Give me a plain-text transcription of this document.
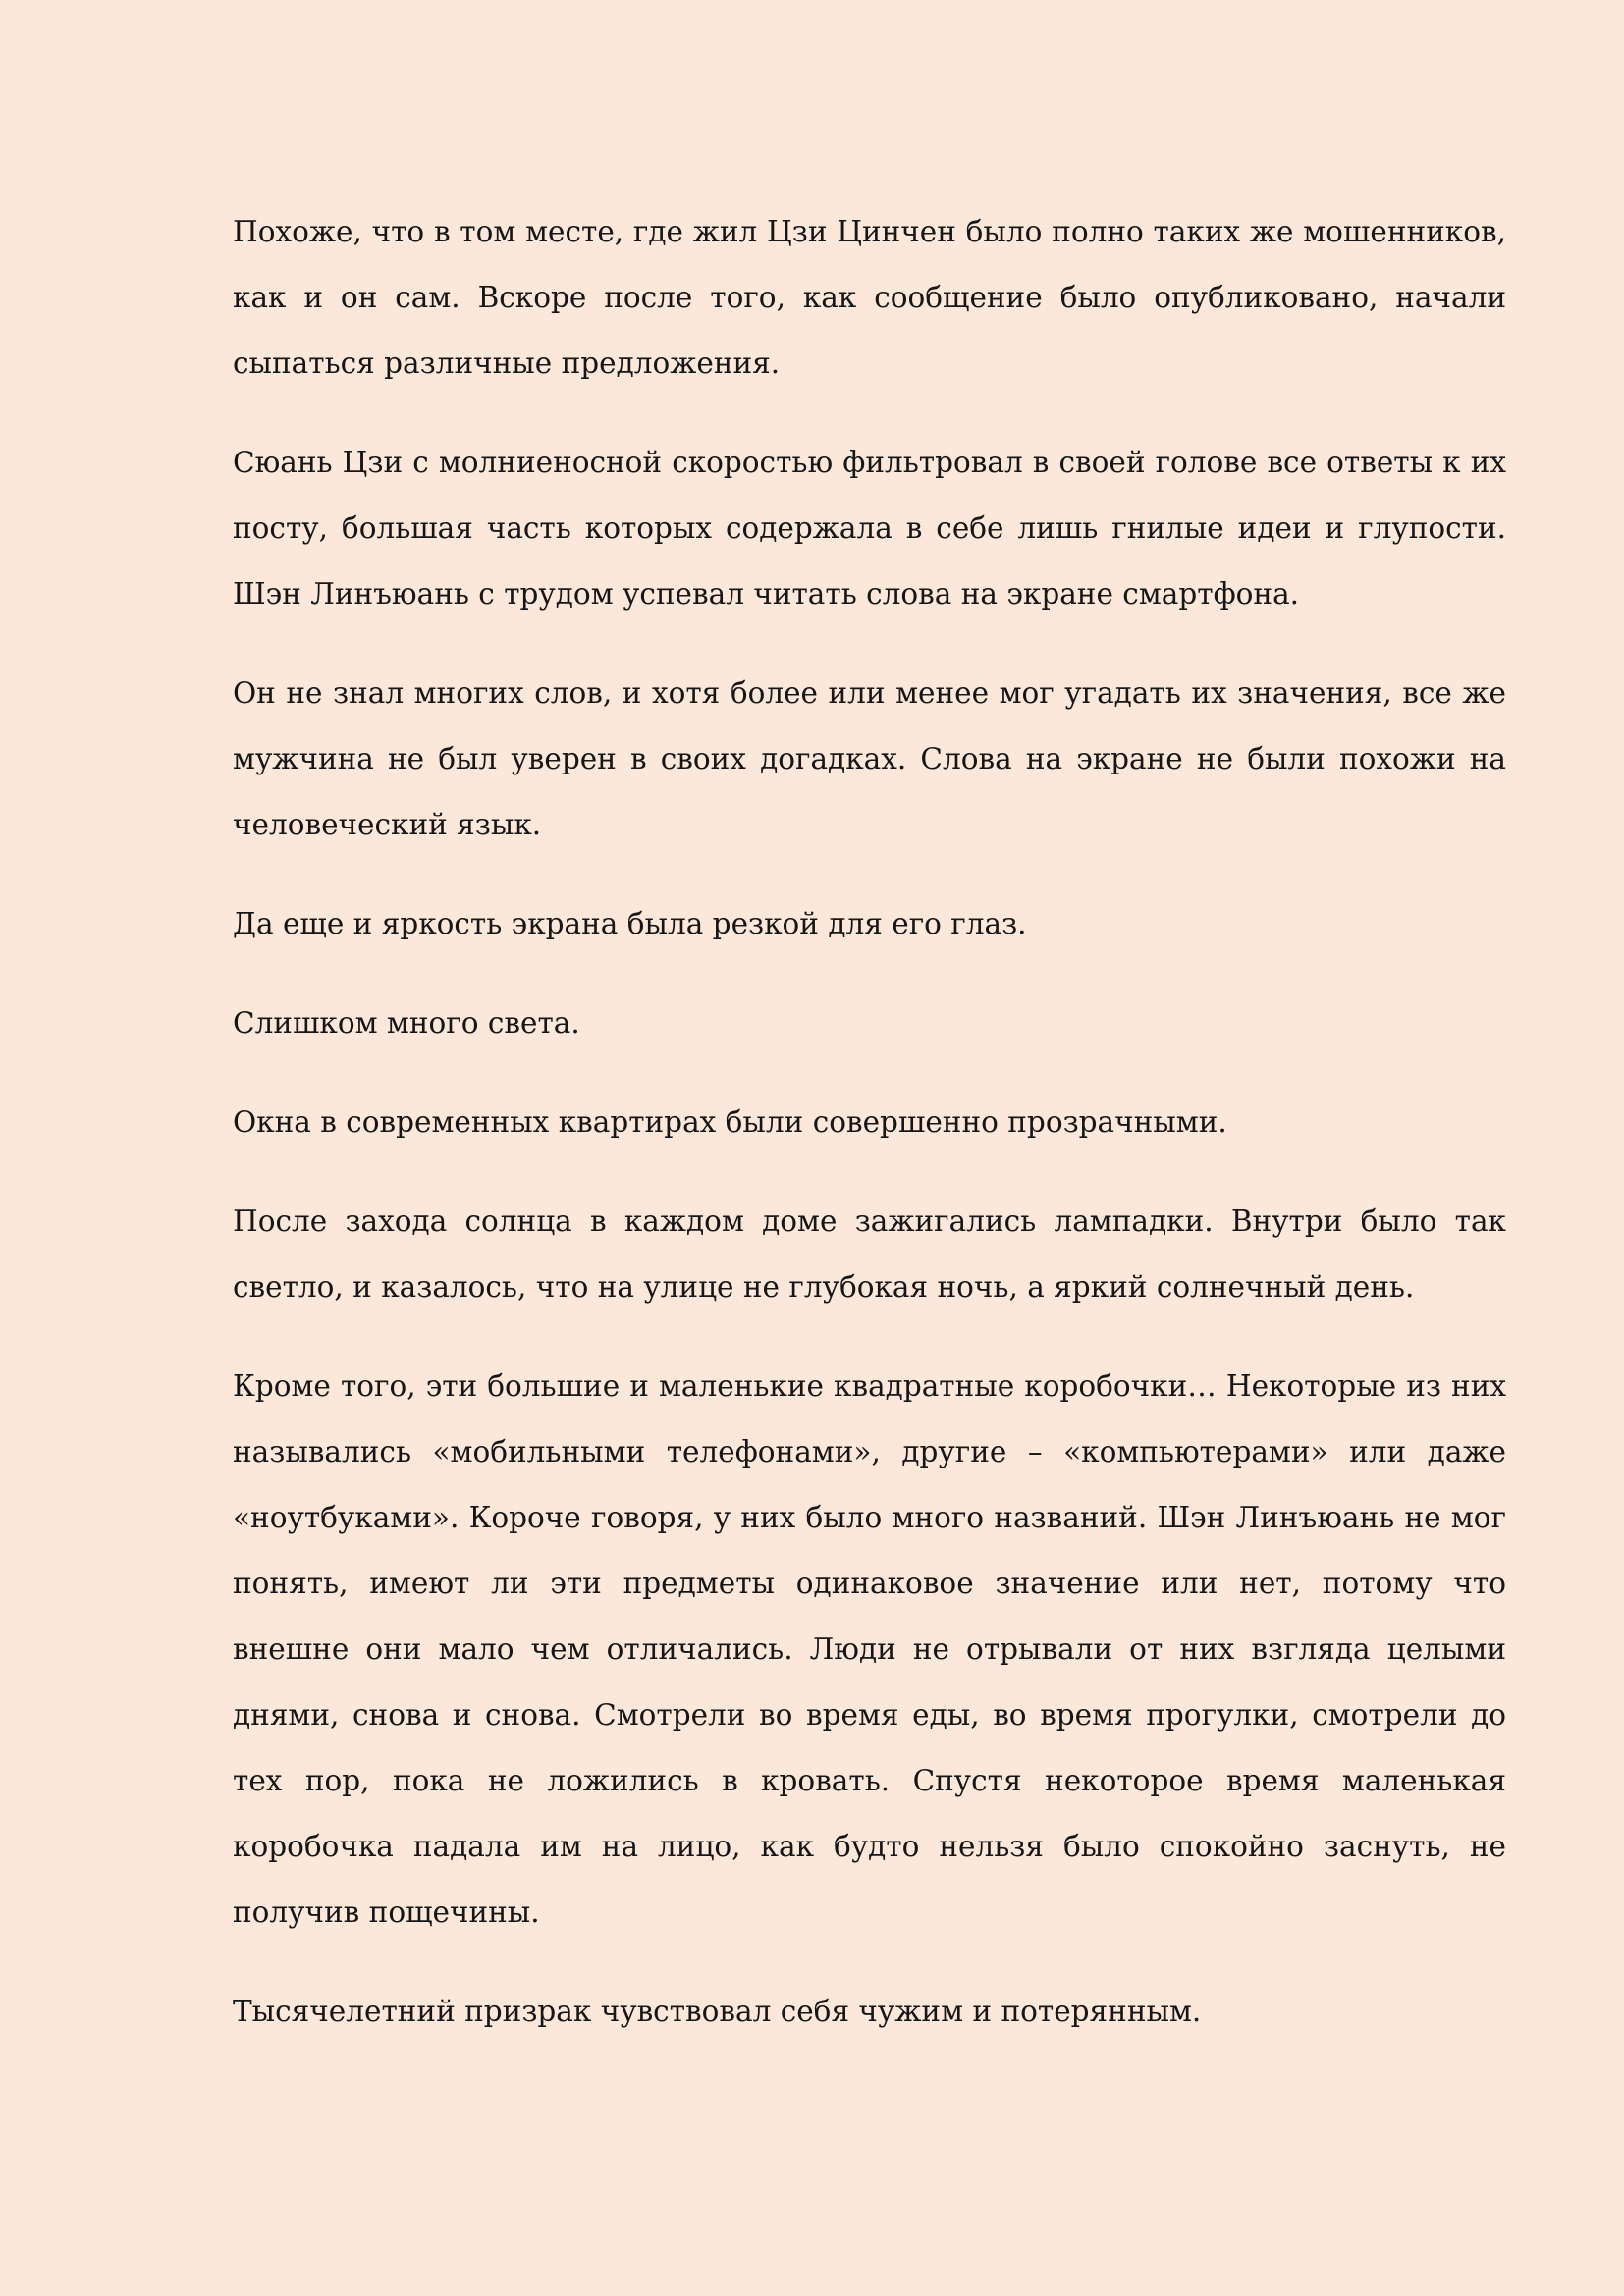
Похоже, что в том месте, где жил Цзи Цинчен было полно таких же мошенников, как и он сам. Вскоре после того, как сообщение было опубликовано, начали сыпаться различные предложения.

Сюань Цзи с молниеносной скоростью фильтровал в своей голове все ответы к их посту, большая часть которых содержала в себе лишь гнилые идеи и глупости. Шэн Линъюань с трудом успевал читать слова на экране смартфона.

Он не знал многих слов, и хотя более или менее мог угадать их значения, все же мужчина не был уверен в своих догадках. Слова на экране не были похожи на человеческий язык.

Да еще и яркость экрана была резкой для его глаз.

Слишком много света.

Окна в современных квартирах были совершенно прозрачными.

После захода солнца в каждом доме зажигались лампадки. Внутри было так светло, и казалось, что на улице не глубокая ночь, а яркий солнечный день.

Кроме того, эти большие и маленькие квадратные коробочки… Некоторые из них назывались «мобильными телефонами», другие – «компьютерами» или даже «ноутбуками». Короче говоря, у них было много названий. Шэн Линъюань не мог понять, имеют ли эти предметы одинаковое значение или нет, потому что внешне они мало чем отличались. Люди не отрывали от них взгляда целыми днями, снова и снова. Смотрели во время еды, во время прогулки, смотрели до тех пор, пока не ложились в кровать. Спустя некоторое время маленькая коробочка падала им на лицо, как будто нельзя было спокойно заснуть, не получив пощечины.

Тысячелетний призрак чувствовал себя чужим и потерянным.
